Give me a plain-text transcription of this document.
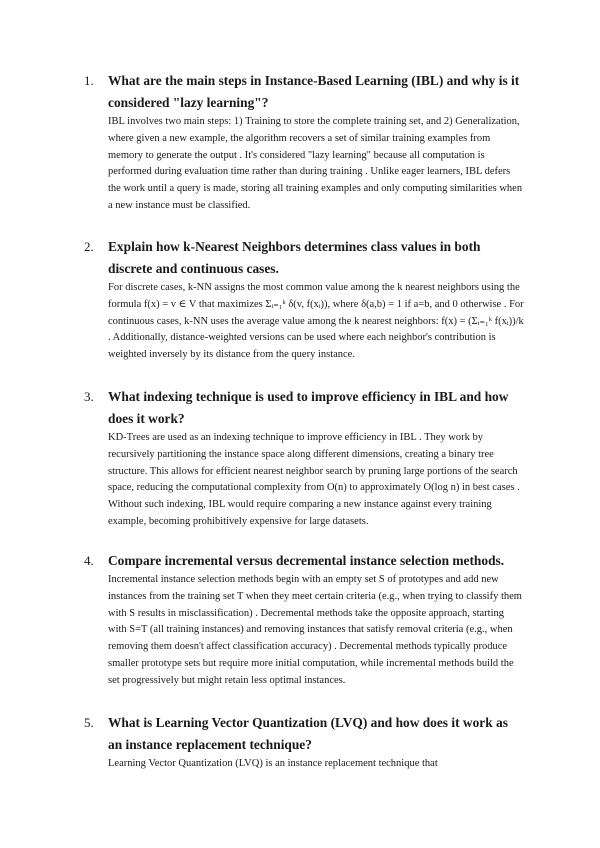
1.	What are the main steps in Instance-Based Learning (IBL) and why is it considered "lazy learning"?

IBL involves two main steps: 1) Training to store the complete training set, and 2) Generalization, where given a new example, the algorithm recovers a set of similar training examples from memory to generate the output . It's considered "lazy learning" because all computation is performed during evaluation time rather than during training . Unlike eager learners, IBL defers the work until a query is made, storing all training examples and only computing similarities when a new instance must be classified.

2.	Explain how k-Nearest Neighbors determines class values in both discrete and continuous cases.

For discrete cases, k-NN assigns the most common value among the k nearest neighbors using the formula f(x) = v ∈ V that maximizes Σᵢ₌₁ᵏ δ(v, f(xᵢ)), where δ(a,b) = 1 if a=b, and 0 otherwise . For continuous cases, k-NN uses the average value among the k nearest neighbors: f(x) = (Σᵢ₌₁ᵏ f(xᵢ))/k . Additionally, distance-weighted versions can be used where each neighbor's contribution is weighted inversely by its distance from the query instance.

3.	What indexing technique is used to improve efficiency in IBL and how does it work?

KD-Trees are used as an indexing technique to improve efficiency in IBL . They work by recursively partitioning the instance space along different dimensions, creating a binary tree structure. This allows for efficient nearest neighbor search by pruning large portions of the search space, reducing the computational complexity from O(n) to approximately O(log n) in best cases . Without such indexing, IBL would require comparing a new instance against every training example, becoming prohibitively expensive for large datasets.

4.	Compare incremental versus decremental instance selection methods.

Incremental instance selection methods begin with an empty set S of prototypes and add new instances from the training set T when they meet certain criteria (e.g., when trying to classify them with S results in misclassification) . Decremental methods take the opposite approach, starting with S=T (all training instances) and removing instances that satisfy removal criteria (e.g., when removing them doesn't affect classification accuracy) . Decremental methods typically produce smaller prototype sets but require more initial computation, while incremental methods build the set progressively but might retain less optimal instances.

5.	What is Learning Vector Quantization (LVQ) and how does it work as an instance replacement technique?

Learning Vector Quantization (LVQ) is an instance replacement technique that
